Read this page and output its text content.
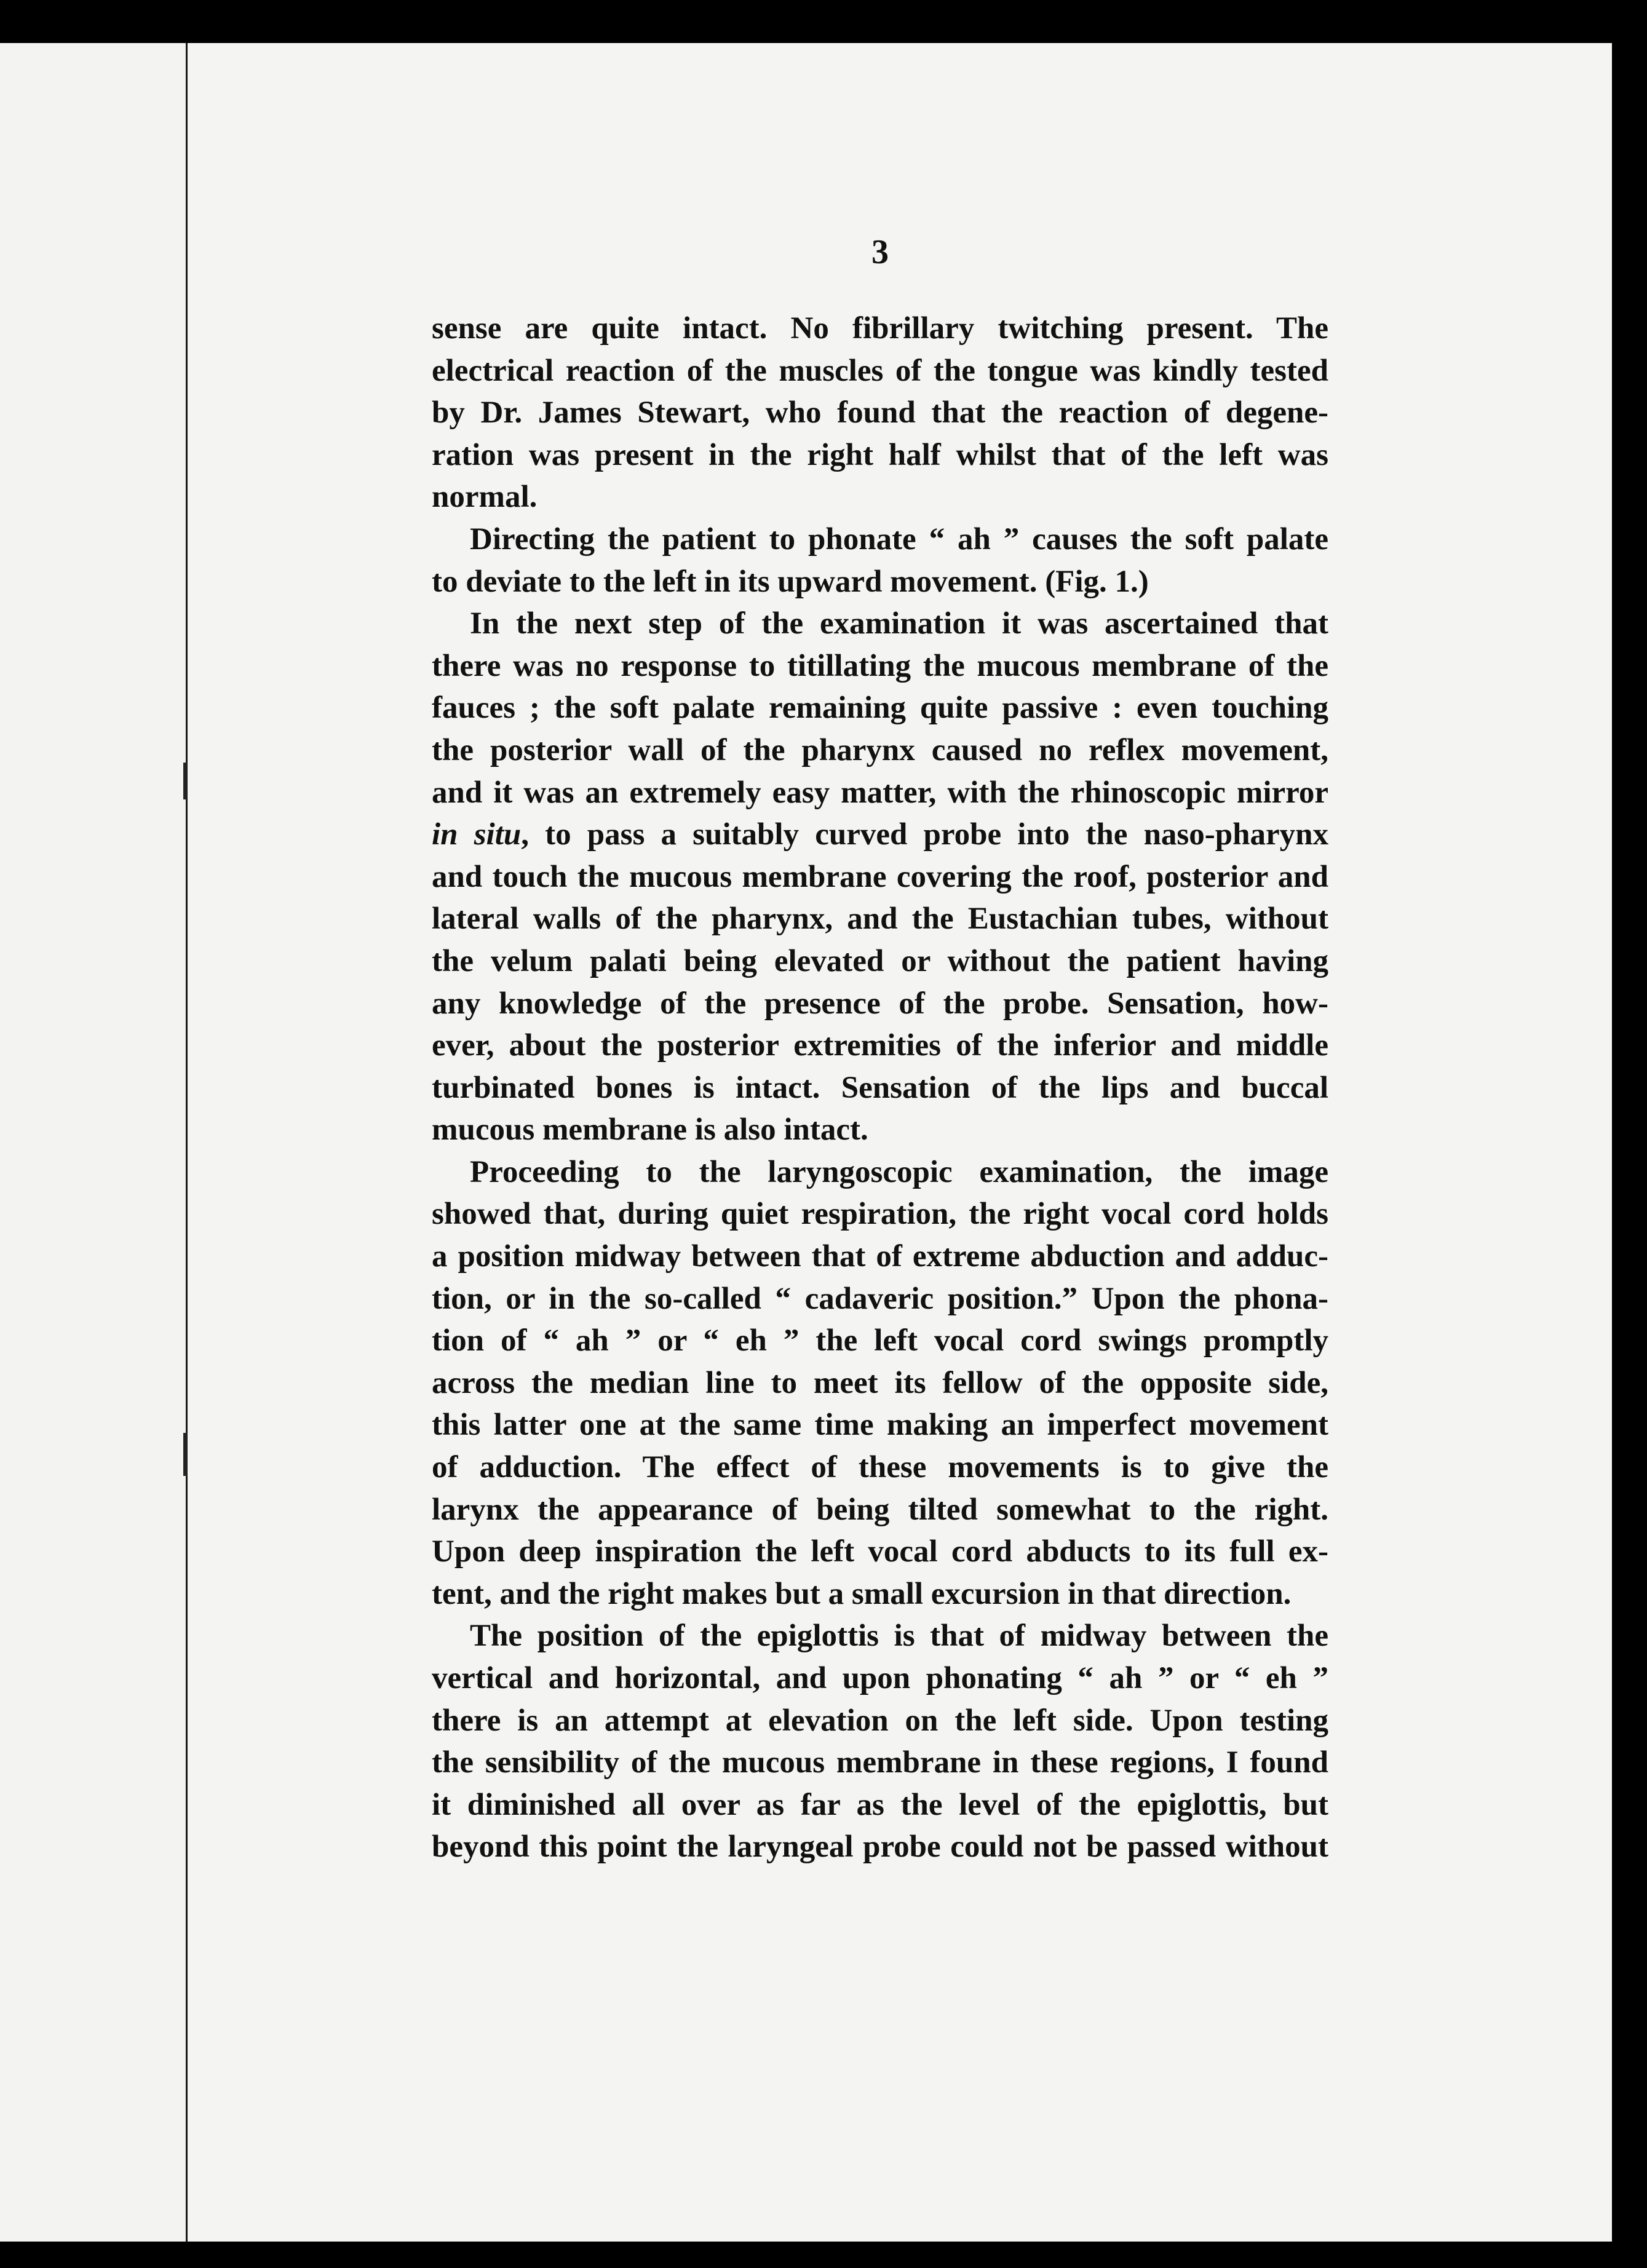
3
sense are quite intact. No fibrillary twitching present. The
electrical reaction of the muscles of the tongue was kindly tested
by Dr. James Stewart, who found that the reaction of degene-
ration was present in the right half whilst that of the left was
normal.
Directing the patient to phonate “ ah ” causes the soft palate
to deviate to the left in its upward movement. (Fig. 1.)
In the next step of the examination it was ascertained that
there was no response to titillating the mucous membrane of the
fauces ; the soft palate remaining quite passive : even touching
the posterior wall of the pharynx caused no reflex movement,
and it was an extremely easy matter, with the rhinoscopic mirror
in situ, to pass a suitably curved probe into the naso-pharynx
and touch the mucous membrane covering the roof, posterior and
lateral walls of the pharynx, and the Eustachian tubes, without
the velum palati being elevated or without the patient having
any knowledge of the presence of the probe. Sensation, how-
ever, about the posterior extremities of the inferior and middle
turbinated bones is intact. Sensation of the lips and buccal
mucous membrane is also intact.
Proceeding to the laryngoscopic examination, the image
showed that, during quiet respiration, the right vocal cord holds
a position midway between that of extreme abduction and adduc-
tion, or in the so-called “ cadaveric position.” Upon the phona-
tion of “ ah ” or “ eh ” the left vocal cord swings promptly
across the median line to meet its fellow of the opposite side,
this latter one at the same time making an imperfect movement
of adduction. The effect of these movements is to give the
larynx the appearance of being tilted somewhat to the right.
Upon deep inspiration the left vocal cord abducts to its full ex-
tent, and the right makes but a small excursion in that direction.
The position of the epiglottis is that of midway between the
vertical and horizontal, and upon phonating “ ah ” or “ eh ”
there is an attempt at elevation on the left side. Upon testing
the sensibility of the mucous membrane in these regions, I found
it diminished all over as far as the level of the epiglottis, but
beyond this point the laryngeal probe could not be passed without
